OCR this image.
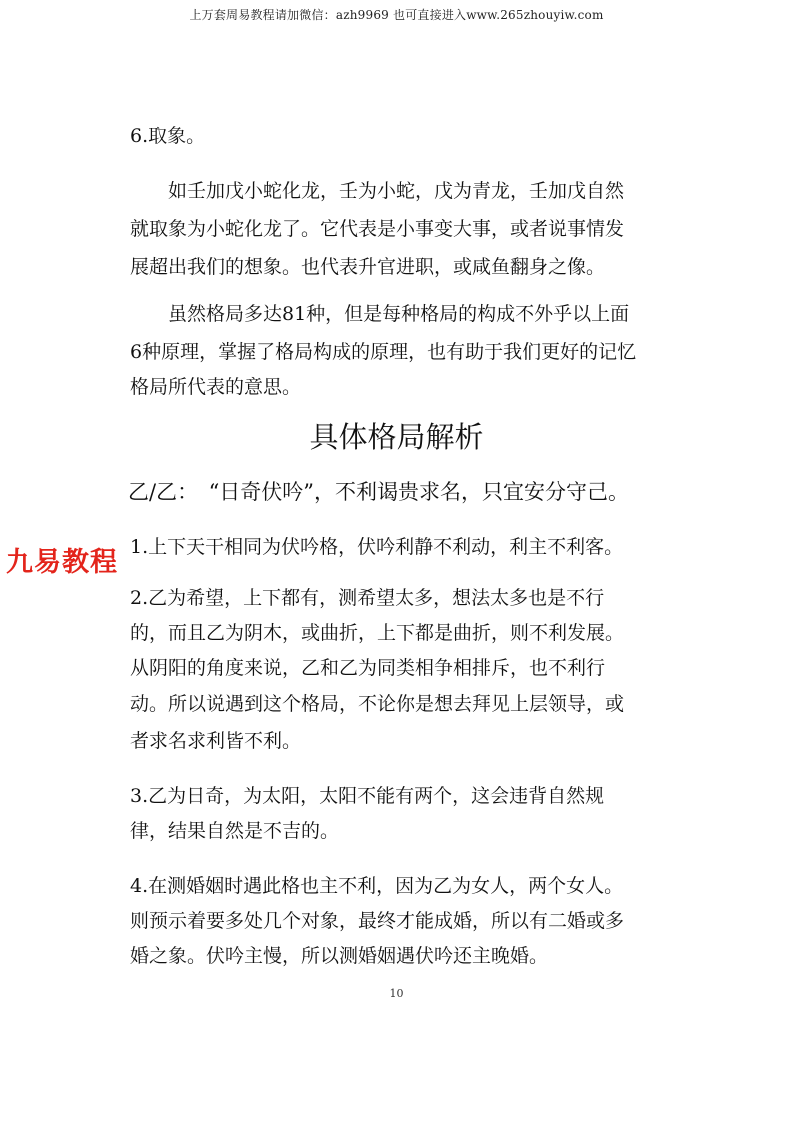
上万套周易教程请加微信：azh9969 也可直接进入www.265zhouyiw.com
6.取象。
　　如壬加戊小蛇化龙，壬为小蛇，戊为青龙，壬加戊自然
就取象为小蛇化龙了。它代表是小事变大事，或者说事情发
展超出我们的想象。也代表升官进职，或咸鱼翻身之像。
　　虽然格局多达81种，但是每种格局的构成不外乎以上面
6种原理，掌握了格局构成的原理，也有助于我们更好的记忆
格局所代表的意思。
具体格局解析
乙/乙：　“日奇伏吟”，不利谒贵求名，只宜安分守己。
1.上下天干相同为伏吟格，伏吟利静不利动，利主不利客。
2.乙为希望，上下都有，测希望太多，想法太多也是不行
的，而且乙为阴木，或曲折，上下都是曲折，则不利发展。
从阴阳的角度来说，乙和乙为同类相争相排斥，也不利行
动。所以说遇到这个格局，不论你是想去拜见上层领导，或
者求名求利皆不利。
3.乙为日奇，为太阳，太阳不能有两个，这会违背自然规
律，结果自然是不吉的。
4.在测婚姻时遇此格也主不利，因为乙为女人，两个女人。
则预示着要多处几个对象，最终才能成婚，所以有二婚或多
婚之象。伏吟主慢，所以测婚姻遇伏吟还主晚婚。
九易教程
10
